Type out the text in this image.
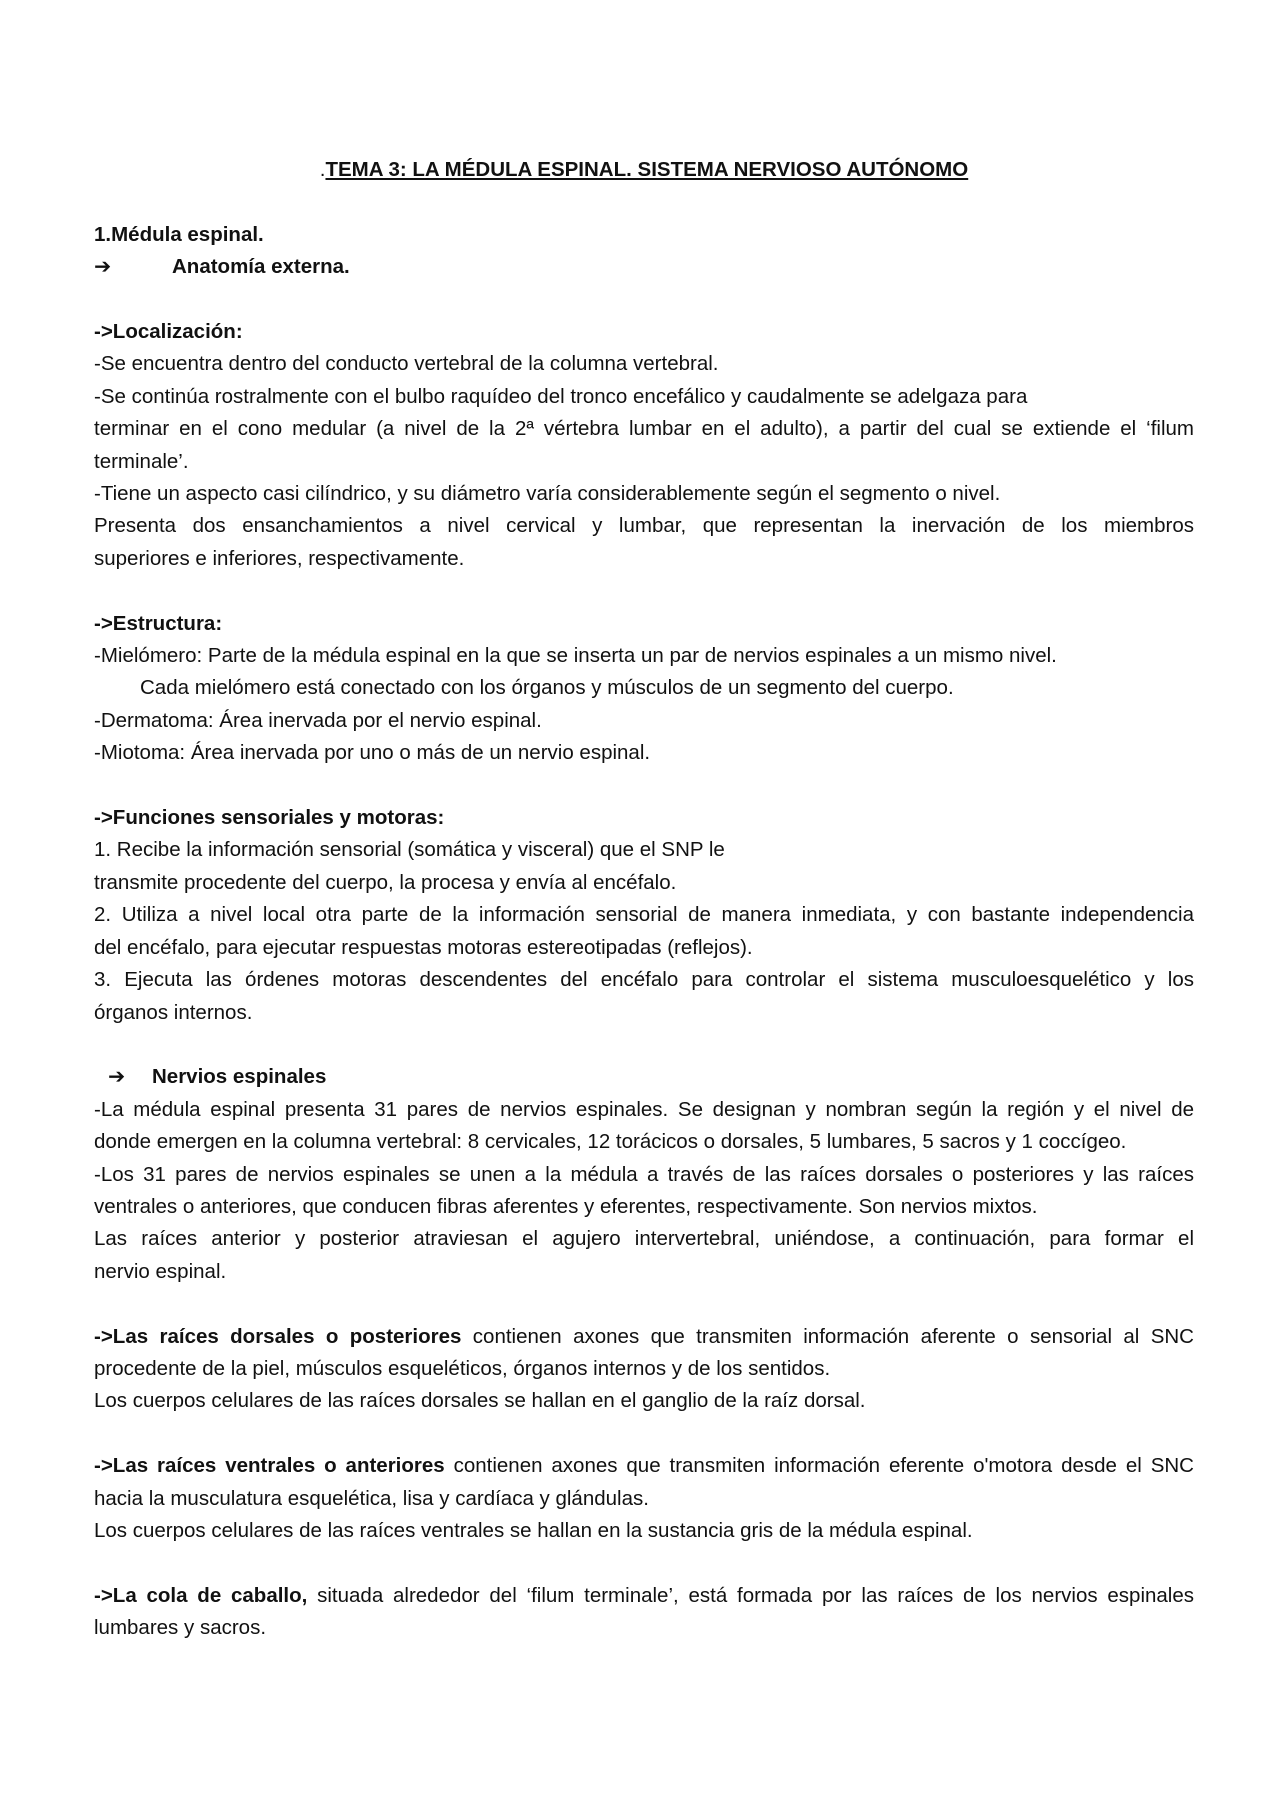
.TEMA 3: LA MÉDULA ESPINAL. SISTEMA NERVIOSO AUTÓNOMO
1.Médula espinal.
➔	Anatomía externa.
->Localización:
-Se encuentra dentro del conducto vertebral de la columna vertebral.
-Se continúa rostralmente con el bulbo raquídeo del tronco encefálico y caudalmente se adelgaza para
terminar en el cono medular (a nivel de la 2ª vértebra lumbar en el adulto), a partir del cual se extiende el ‘filum
terminale’.
-Tiene un aspecto casi cilíndrico, y su diámetro varía considerablemente según el segmento o nivel.
Presenta dos ensanchamientos a nivel cervical y lumbar, que representan la inervación de los miembros
superiores e inferiores, respectivamente.
->Estructura:
-Mielómero: Parte de la médula espinal en la que se inserta un par de nervios espinales a un mismo nivel.
Cada mielómero está conectado con los órganos y músculos de un segmento del cuerpo.
-Dermatoma: Área inervada por el nervio espinal.
-Miotoma: Área inervada por uno o más de un nervio espinal.
->Funciones sensoriales y motoras:
1. Recibe la información sensorial (somática y visceral) que el SNP le
transmite procedente del cuerpo, la procesa y envía al encéfalo.
2. Utiliza a nivel local otra parte de la información sensorial de manera inmediata, y con bastante independencia
del encéfalo, para ejecutar respuestas motoras estereotipadas (reflejos).
3. Ejecuta las órdenes motoras descendentes del encéfalo para controlar el sistema musculoesquelético y los
órganos internos.
➔ Nervios espinales
-La médula espinal presenta 31 pares de nervios espinales. Se designan y nombran según la región y el nivel de
donde emergen en la columna vertebral: 8 cervicales, 12 torácicos o dorsales, 5 lumbares, 5 sacros y 1 coccígeo.
-Los 31 pares de nervios espinales se unen a la médula a través de las raíces dorsales o posteriores y las raíces
ventrales o anteriores, que conducen fibras aferentes y eferentes, respectivamente. Son nervios mixtos.
Las raíces anterior y posterior atraviesan el agujero intervertebral, uniéndose, a continuación, para formar el
nervio espinal.
->Las raíces dorsales o posteriores contienen axones que transmiten información aferente o sensorial al SNC
procedente de la piel, músculos esqueléticos, órganos internos y de los sentidos.
Los cuerpos celulares de las raíces dorsales se hallan en el ganglio de la raíz dorsal.
->Las raíces ventrales o anteriores contienen axones que transmiten información eferente o'motora desde el SNC
hacia la musculatura esquelética, lisa y cardíaca y glándulas.
Los cuerpos celulares de las raíces ventrales se hallan en la sustancia gris de la médula espinal.
->La cola de caballo, situada alrededor del ‘filum terminale’, está formada por las raíces de los nervios espinales
lumbares y sacros.
